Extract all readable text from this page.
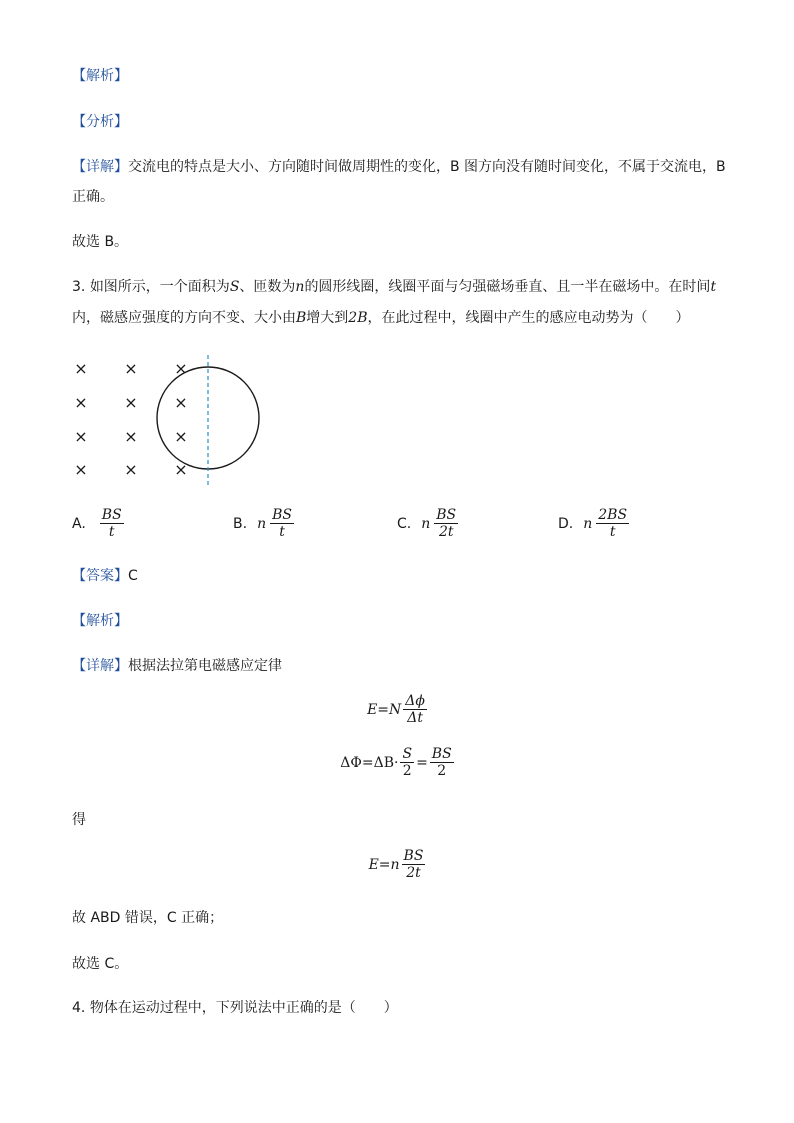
【解析】
【分析】
【详解】交流电的特点是大小、方向随时间做周期性的变化，B 图方向没有随时间变化，不属于交流电，B
正确。
故选 B。
3. 如图所示，一个面积为S、匝数为n的圆形线圈，线圈平面与匀强磁场垂直、且一半在磁场中。在时间t
内，磁感应强度的方向不变、大小由B增大到2B，在此过程中，线圈中产生的感应电动势为（　　）
× × ×
× × ×
× × ×
× × ×
A. $\frac{BS}{t}$	B. n $\frac{BS}{t}$	C. n $\frac{BS}{2t}$	D. n $\frac{2BS}{t}$
【答案】C
【解析】
【详解】根据法拉第电磁感应定律
$E=N \frac{\Delta\phi}{\Delta t}$
$\Delta\Phi=\Delta B\cdot \frac{S}{2} = \frac{BS}{2}$
得
$E=n \frac{BS}{2t}$
故 ABD 错误，C 正确；
故选 C。
4. 物体在运动过程中，下列说法中正确的是（　　）
